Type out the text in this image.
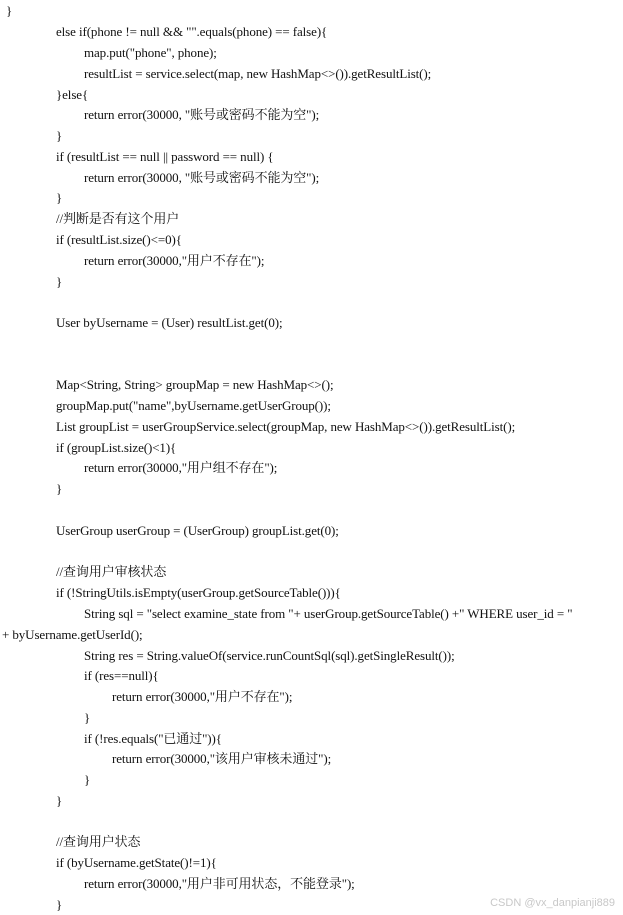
}
else if(phone != null && "".equals(phone) == false){
map.put("phone", phone);
resultList = service.select(map, new HashMap<>()).getResultList();
}else{
return error(30000, "账号或密码不能为空");
}
if (resultList == null || password == null) {
return error(30000, "账号或密码不能为空");
}
//判断是否有这个用户
if (resultList.size()<=0){
return error(30000,"用户不存在");
}
User byUsername = (User) resultList.get(0);
Map<String, String> groupMap = new HashMap<>();
groupMap.put("name",byUsername.getUserGroup());
List groupList = userGroupService.select(groupMap, new HashMap<>()).getResultList();
if (groupList.size()<1){
return error(30000,"用户组不存在");
}
UserGroup userGroup = (UserGroup) groupList.get(0);
//查询用户审核状态
if (!StringUtils.isEmpty(userGroup.getSourceTable())){
String sql = "select examine_state from "+ userGroup.getSourceTable() +" WHERE user_id = "
+ byUsername.getUserId();
String res = String.valueOf(service.runCountSql(sql).getSingleResult());
if (res==null){
return error(30000,"用户不存在");
}
if (!res.equals("已通过")){
return error(30000,"该用户审核未通过");
}
}
//查询用户状态
if (byUsername.getState()!=1){
return error(30000,"用户非可用状态，不能登录");
}	CSDN @vx_danpianji889
